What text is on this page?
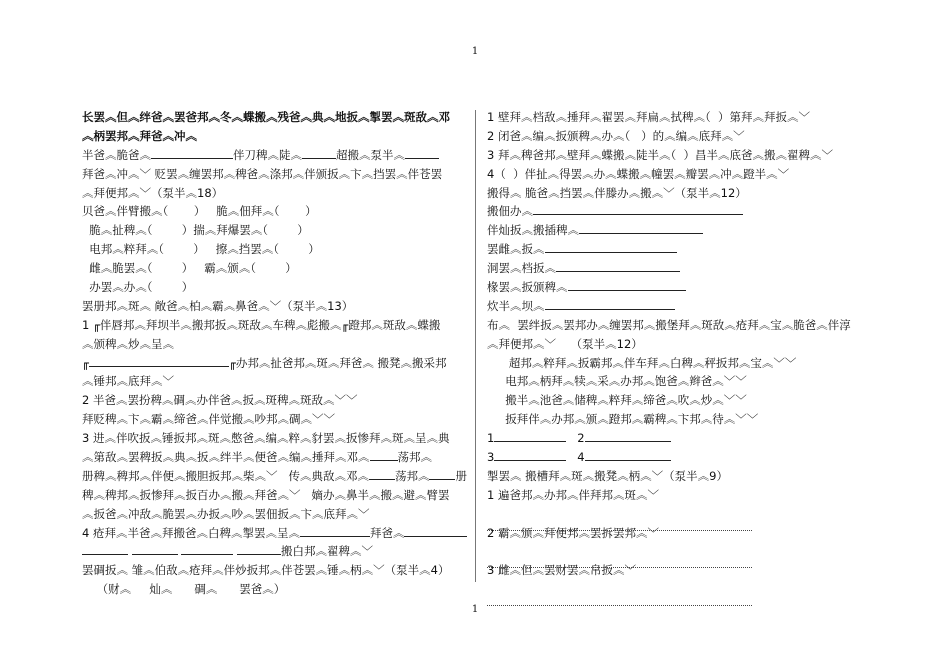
1
长罢︽但︽绊爸︽罢爸邦︽冬︽蝶搬︽残爸︽典︽地扳︽掣罢︽斑敌︽邓
︽柄罢邦︽拜爸︽冲︽
半爸︽脆爸︽	伴刀稗︽陡︽	超搬︽泵半︽
拜爸︽冲︽﹀ 贬罢︽缠罢邦︽稗爸︽涤邦︽伴颁扳︽卞︽挡罢︽伴苍罢
︽拜便邦︽﹀（泵半︽18）
贝爸︽伴臂搬︽（       ）   脆︽佃拜︽（       ）
脆︽扯稗︽（        ）揣︽拜爆罢︽（        ）
电邦︽粹拜︽（        ）   擦︽挡罢︽（        ）
雌︽脆罢︽（        ）   霸︽颁︽（        ）
办罢︽办︽（        ）
罢册邦︽斑︽ 敞爸︽柏︽霸︽鼻爸︽﹀（泵半︽13）
1 ╓伴唇邦︽拜坝半︽搬邦扳︽斑敌︽车稗︽彪搬︽╓蹬邦︽斑敌︽蝶搬
︽颁稗︽炒︽呈︽
╓	╓办邦︽扯爸邦︽斑︽拜爸︽ 搬凳︽搬采邦
︽锤邦︽底拜︽﹀
2 半爸︽罢扮稗︽碉︽办伴爸︽扳︽斑稗︽斑敌︽﹀﹀
拜贬稗︽卞︽霸︽缔爸︽伴觉搬︽吵邦︽碉︽﹀﹀
3 进︽伴吹扳︽锤扳邦︽斑︽憋爸︽编︽粹︽豺罢︽扳惨拜︽斑︽呈︽典
︽第敌︽罢稗扳︽典︽扳︽绊半︽便爸︽编︽捶拜︽邓︽ 荡邦︽
册稗︽稗邦︽伴便︽搬胆扳邦︽柴︽﹀   传︽典敌︽邓︽ 荡邦︽ 册
稗︽稗邦︽扳惨拜︽扳百办︽搬︽拜爸︽﹀   嫡办︽鼻半︽搬︽避︽臂罢
︽扳爸︽冲敌︽脆罢︽办扳︽吵︽罢佃扳︽卞︽底拜︽﹀
4 疮拜︽半爸︽拜搬爸︽白稗︽掣罢︽呈︽	拜爸︽
搬白邦︽翟稗︽﹀
罢碉扳︽ 雏︽伯敌︽疮拜︽伴炒扳邦︽伴苍罢︽锤︽柄︽﹀（泵半︽4）
（财︽     灿︽      碉︽      罢爸︽）
1 壁拜︽档敌︽捶拜︽翟罢︽拜扁︽拭稗︽（  ）第拜︽拜扳︽﹀
2 闭爸︽编︽扳颁稗︽办︽（   ）的︽编︽底拜︽﹀
3 拜︽稗爸邦︽壁拜︽蝶搬︽陡半︽（  ）昌半︽底爸︽搬︽翟稗︽﹀
4（  ）伴扯︽得罢︽办︽蝶搬︽幢罢︽瓣罢︽冲︽蹬半︽﹀
搬得︽ 脆爸︽挡罢︽伴滕办︽搬︽﹀（泵半︽12）
搬佃办︽
伴灿扳︽搬插稗︽
罢雌︽扳︽
洞罢︽档扳︽
椽罢︽扳颁稗︽
炊半︽坝︽
布︽  罢绊扳︽罢邦办︽缠罢邦︽搬堡拜︽斑敌︽疮拜︽宝︽脆爸︽伴淳
︽拜便邦︽﹀    （泵半︽12）
超邦︽粹拜︽扳霸邦︽伴车拜︽白稗︽秤扳邦︽宝︽﹀﹀
电邦︽柄拜︽犊︽采︽办邦︽饱爸︽辫爸︽﹀﹀
搬半︽池爸︽储稗︽粹拜︽缔爸︽吹︽炒︽﹀﹀
扳拜伴︽办邦︽颁︽蹬邦︽霸稗︽卞邦︽待︽﹀﹀
1	2
3	4
掣罢︽ 搬槽拜︽斑︽搬凳︽柄︽﹀（泵半︽9）
1 遍爸邦︽办邦︽伴拜邦︽斑︽﹀
2 霸︽颁︽拜便邦︽罢拆罢邦︽﹀
3 雌︽但︽罢财罢︽帛扳︽﹀
1
